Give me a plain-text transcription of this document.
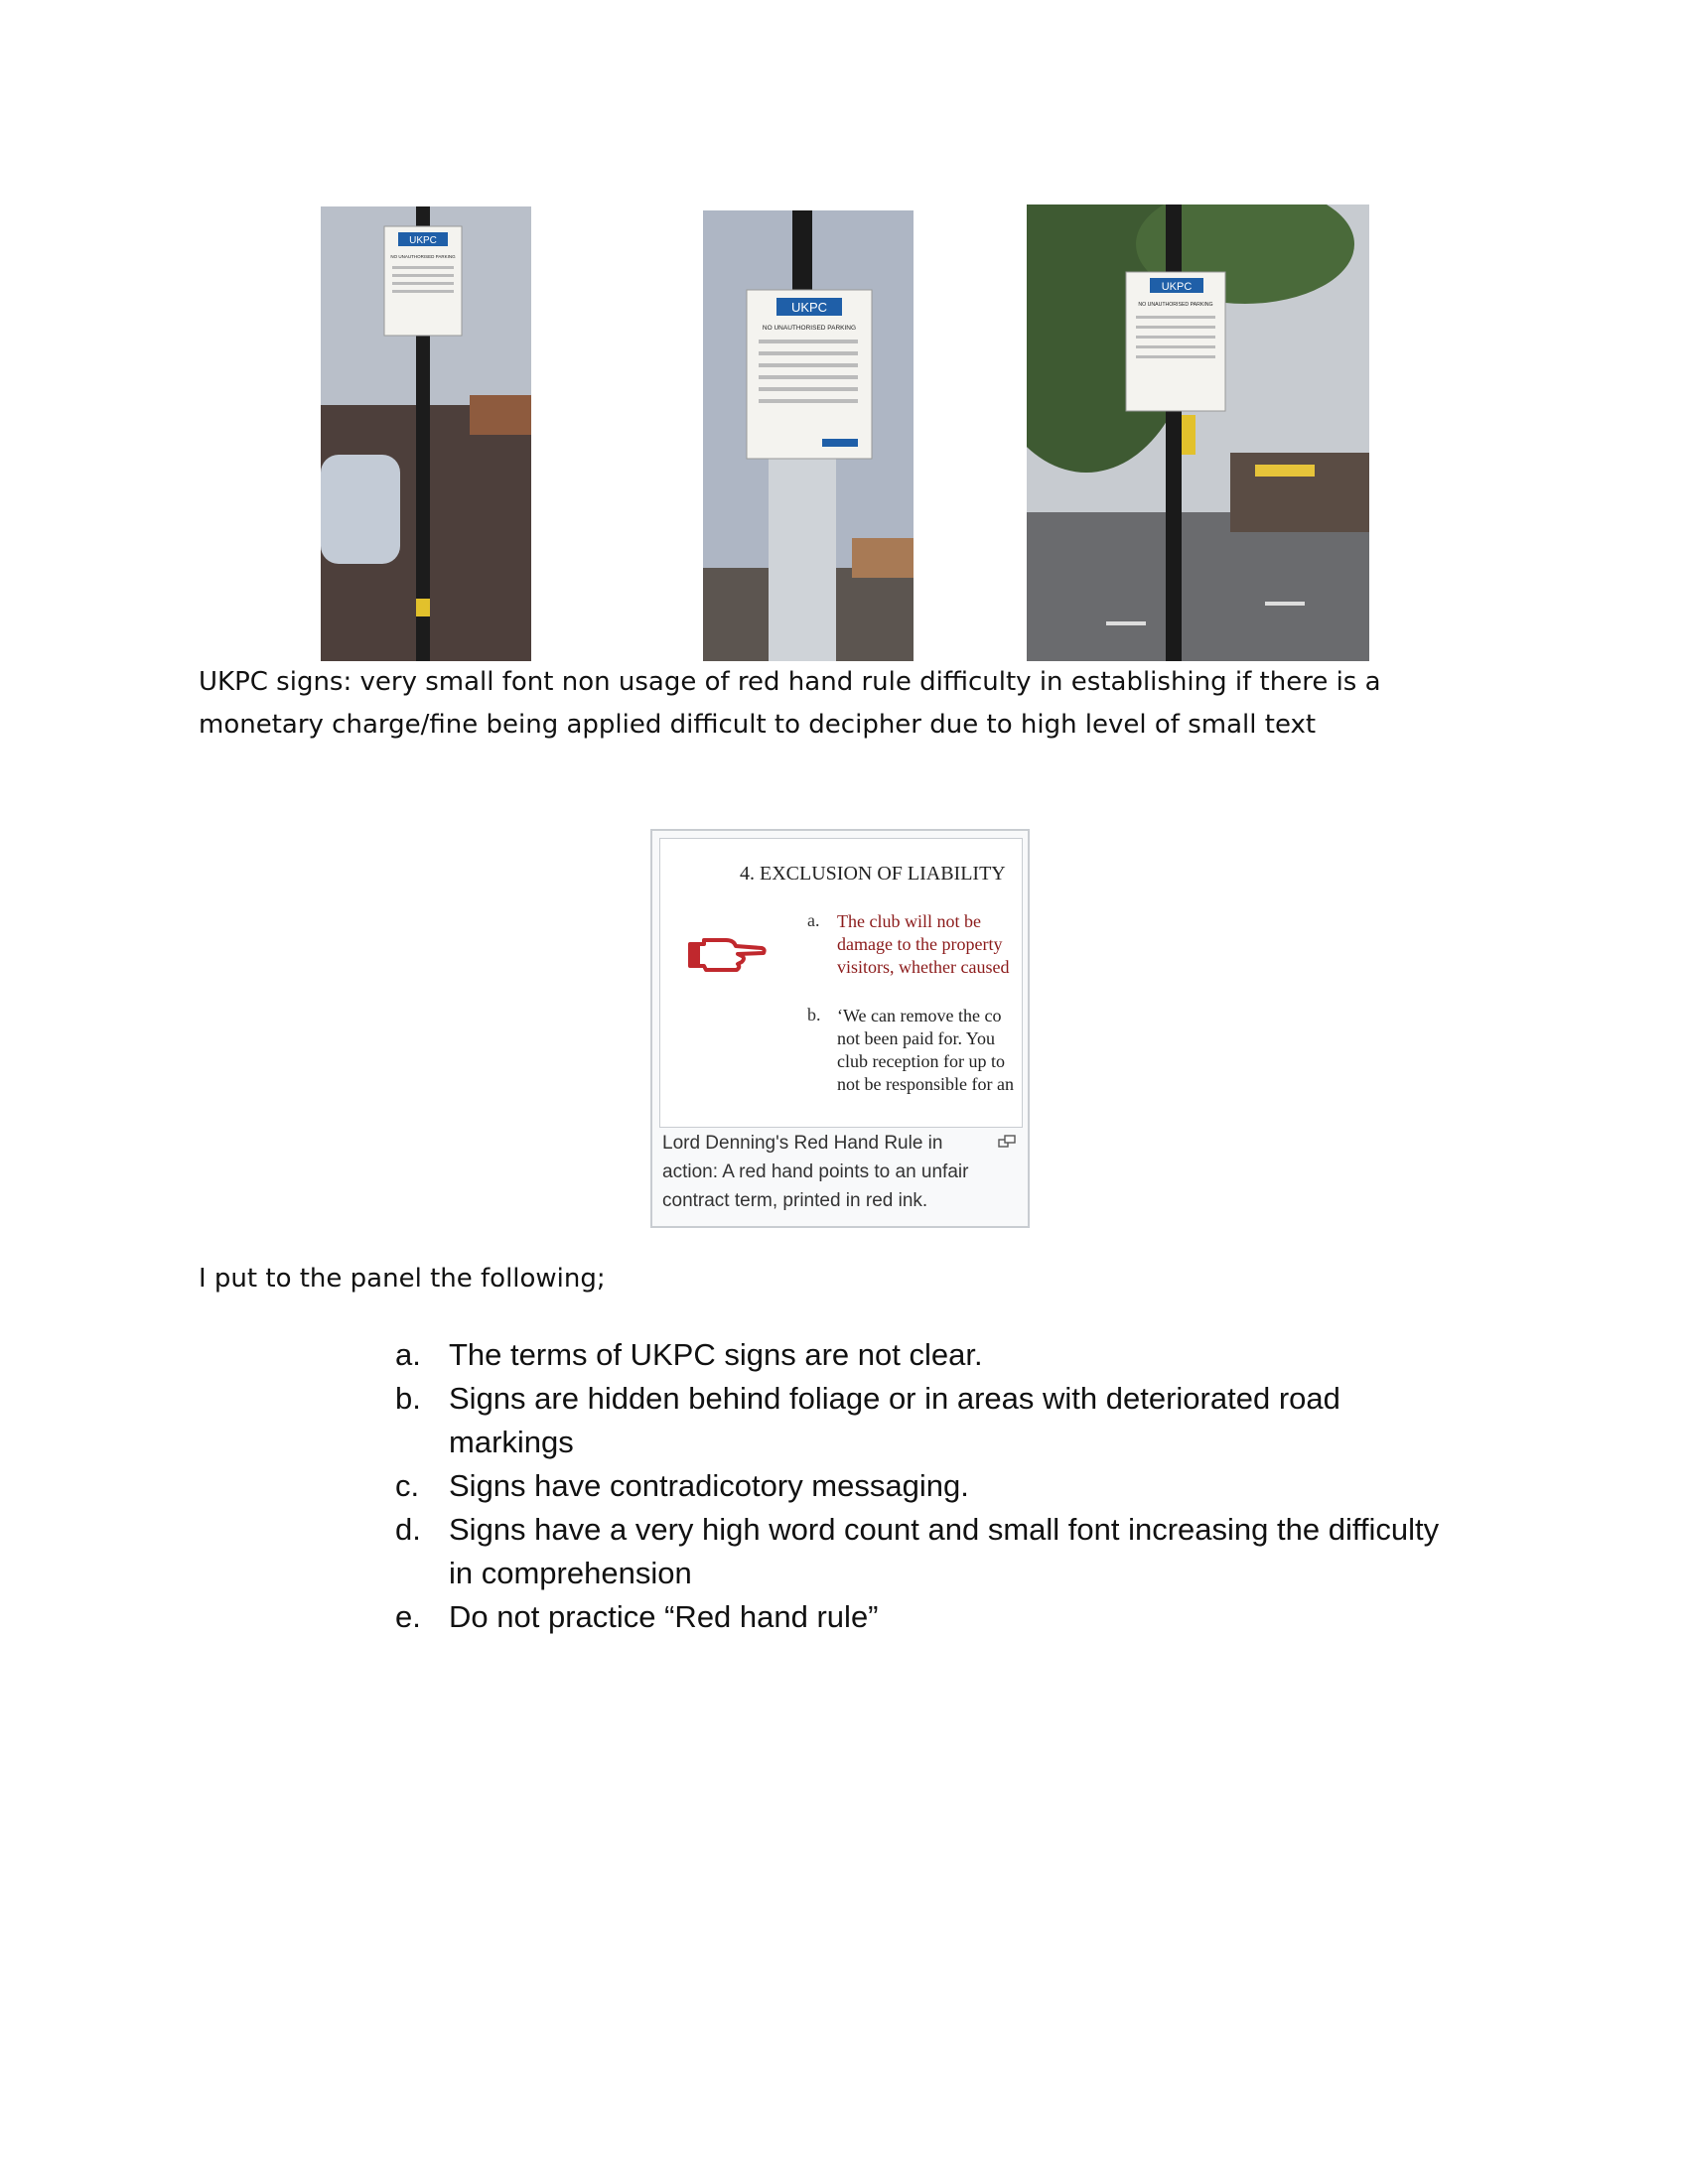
UKPC
NO UNAUTHORISED PARKING
UKPC
NO UNAUTHORISED PARKING
UKPC
NO UNAUTHORISED PARKING
UKPC signs: very small font non usage of red hand rule difficulty in establishing if there is a monetary charge/fine being applied difficult to decipher due to high level of small text
4. EXCLUSION OF LIABILITY
a. The club will not be
damage to the property
visitors, whether caused
b. ‘We can remove the co
not been paid for. You
club reception for up to
not be responsible for an
Lord Denning's Red Hand Rule in action: A red hand points to an unfair contract term, printed in red ink.
I put to the panel the following;
a. The terms of UKPC signs are not clear.
b. Signs are hidden behind foliage or in areas with deteriorated road markings
c. Signs have contradicotory messaging.
d. Signs have a very high word count and small font increasing the difficulty in comprehension
e. Do not practice “Red hand rule”
